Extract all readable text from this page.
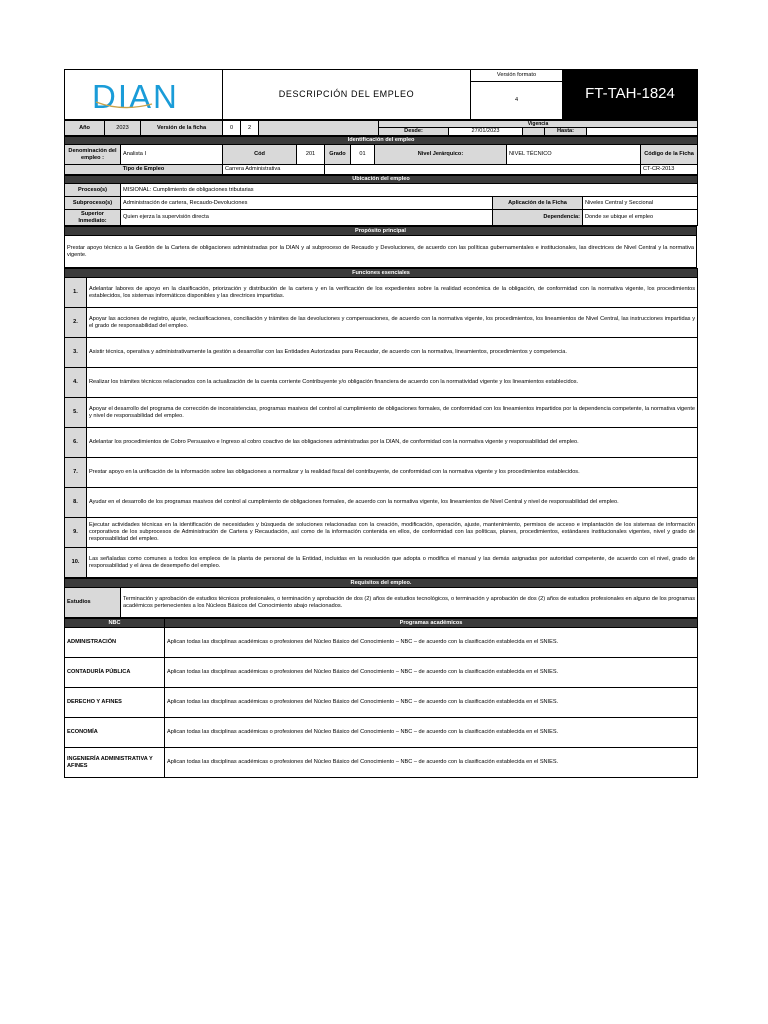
DIAN	DESCRIPCIÓN DEL EMPLEO	Versión formato	FT-TAH-1824
4
Año	2023	Versión de la ficha	0	2		Vigencia				
						Desde:	27/01/2023		Hasta:	
Identificación del empleo								
Denominación del empleo :	Analista I	Cód	201	Grado	01	Nivel Jerárquico:	NIVEL TÉCNICO	Código de la Ficha
Tipo de Empleo		Carrera Administrativa						CT-CR-2013
Ubicación del empleo			
Proceso(s)	MISIONAL: Cumplimiento de obligaciones tributarias		
Subproceso(s)	Administración de cartera, Recaudo-Devoluciones	Aplicación de la Ficha	Niveles Central y Seccional
Superior Inmediato:	Quien ejerza la supervisión directa	Dependencia:	Donde se ubique el empleo
Propósito principal
Prestar apoyo técnico a la Gestión de la Cartera de obligaciones administradas por la DIAN y al subproceso de Recaudo y Devoluciones, de acuerdo con las políticas gubernamentales e institucionales, las directrices de Nivel Central y la normativa vigente.
Funciones esenciales	
1.	Adelantar labores de apoyo en la clasificación, priorización y distribución de la cartera y en la verificación de los expedientes sobre la realidad económica de la obligación, de conformidad con la normativa vigente, los procedimientos establecidos, los sistemas informáticos disponibles y las directrices impartidas.
2.	Apoyar las acciones de registro, ajuste, reclasificaciones, conciliación y trámites de las devoluciones y compensaciones, de acuerdo con la normativa vigente, los procedimientos, los lineamientos de Nivel Central, las instrucciones impartidas y el grado de responsabilidad del empleo.
3.	Asistir técnica, operativa y administrativamente la gestión a desarrollar con las Entidades Autorizadas para Recaudar, de acuerdo con la normativa, lineamientos, procedimientos y competencia.
4.	Realizar los trámites técnicos relacionados con la actualización de la cuenta corriente Contribuyente y/o obligación financiera de acuerdo con la normatividad vigente y los lineamientos establecidos.
5.	Apoyar el desarrollo del programa de corrección de inconsistencias, programas masivos del control al cumplimiento de obligaciones formales, de conformidad con los lineamientos impartidos por la dependencia competente, la normativa vigente y nivel de responsabilidad del empleo.
6.	Adelantar los procedimientos de Cobro Persuasivo e Ingreso al cobro coactivo de las obligaciones administradas por la DIAN, de conformidad con la normativa vigente y responsabilidad del empleo.
7.	Prestar apoyo en la unificación de la información sobre las obligaciones a normalizar y la realidad fiscal del contribuyente, de conformidad con la normativa vigente y los procedimientos establecidos.
8.	Ayudar en el desarrollo de los programas masivos del control al cumplimiento de obligaciones formales, de acuerdo con la normativa vigente, los lineamientos de Nivel Central y nivel de responsabilidad del empleo.
9.	Ejecutar actividades técnicas en la identificación de necesidades y búsqueda de soluciones relacionadas con la creación, modificación, operación, ajuste, mantenimiento, permisos de acceso e implantación de los sistemas de información corporativos de los subprocesos de Administración de Cartera y Recaudación, así como de la información contenida en ellos, de conformidad con las políticas, planes, procedimientos, estándares institucionales vigentes, nivel y grado de responsabilidad del empleo.
10.	Las señaladas como comunes a todos los empleos de la planta de personal de la Entidad, incluidas en la resolución que adopta o modifica el manual y las demás asignadas por autoridad competente, de acuerdo con el nivel, grado de responsabilidad y el área de desempeño del empleo.
Requisitos del empleo.
Estudios	Terminación y aprobación de estudios técnicos profesionales, o terminación y aprobación de dos (2) años de estudios tecnológicos, o terminación y aprobación de dos (2) años de estudios profesionales en alguno de los programas académicos pertenecientes a los Núcleos Básicos del Conocimiento abajo relacionados.
NBC	Programas académicos
ADMINISTRACIÓN	Aplican todas las disciplinas académicas o profesiones del Núcleo Básico del Conocimiento – NBC – de acuerdo con la clasificación establecida en el SNIES.
CONTADURÍA PÚBLICA	Aplican todas las disciplinas académicas o profesiones del Núcleo Básico del Conocimiento – NBC – de acuerdo con la clasificación establecida en el SNIES.
DERECHO Y AFINES	Aplican todas las disciplinas académicas o profesiones del Núcleo Básico del Conocimiento – NBC – de acuerdo con la clasificación establecida en el SNIES.
ECONOMÍA	Aplican todas las disciplinas académicas o profesiones del Núcleo Básico del Conocimiento – NBC – de acuerdo con la clasificación establecida en el SNIES.
INGENIERÍA ADMINISTRATIVA Y AFINES	Aplican todas las disciplinas académicas o profesiones del Núcleo Básico del Conocimiento – NBC – de acuerdo con la clasificación establecida en el SNIES.
